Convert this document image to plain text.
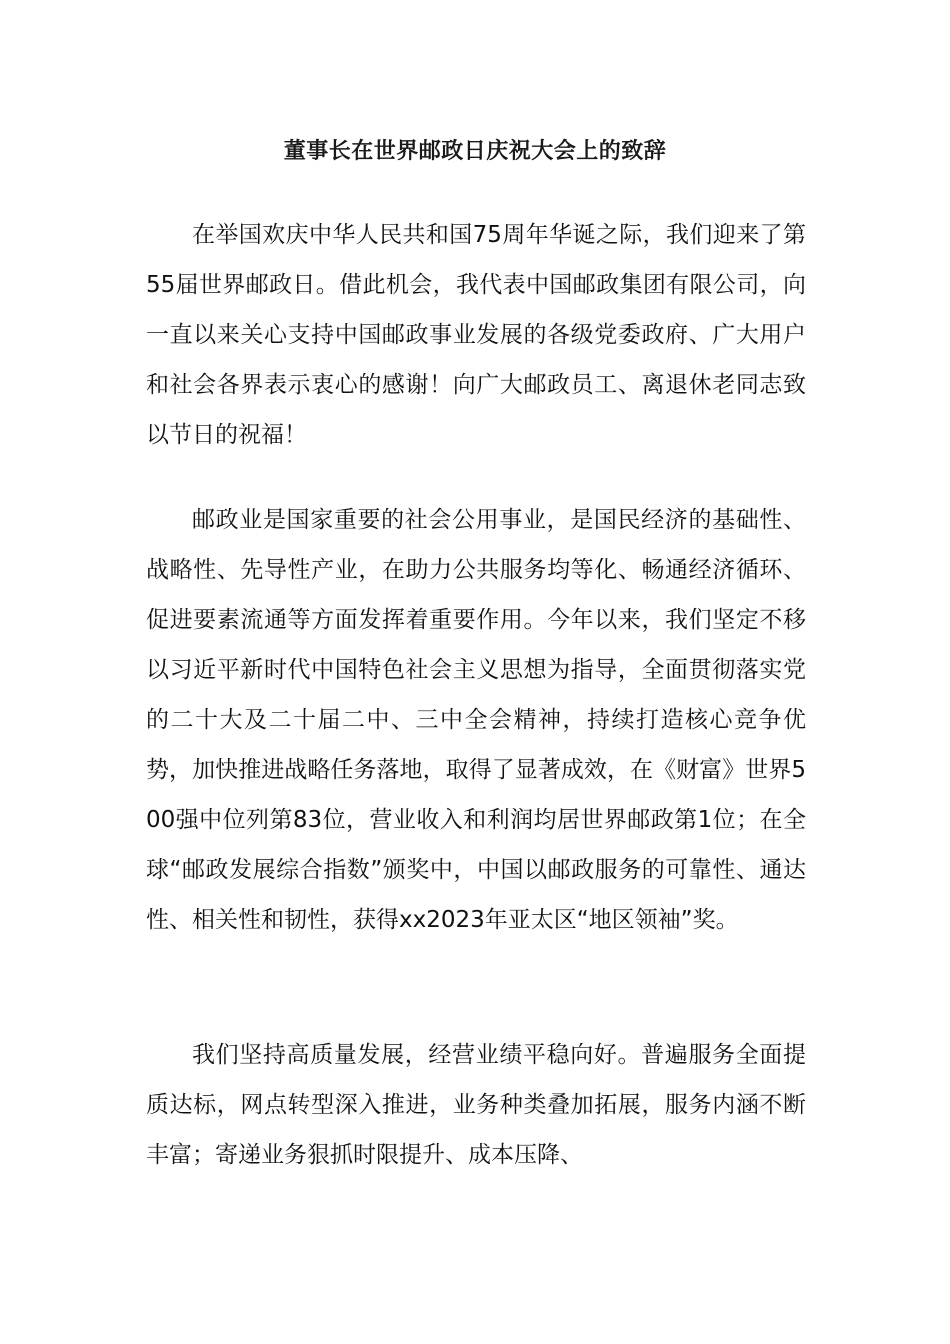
董事长在世界邮政日庆祝大会上的致辞

在举国欢庆中华人民共和国75周年华诞之际，我们迎来了第55届世界邮政日。借此机会，我代表中国邮政集团有限公司，向一直以来关心支持中国邮政事业发展的各级党委政府、广大用户和社会各界表示衷心的感谢！向广大邮政员工、离退休老同志致以节日的祝福！

邮政业是国家重要的社会公用事业，是国民经济的基础性、战略性、先导性产业，在助力公共服务均等化、畅通经济循环、促进要素流通等方面发挥着重要作用。今年以来，我们坚定不移以习近平新时代中国特色社会主义思想为指导，全面贯彻落实党的二十大及二十届二中、三中全会精神，持续打造核心竞争优势，加快推进战略任务落地，取得了显著成效，在《财富》世界500强中位列第83位，营业收入和利润均居世界邮政第1位；在全球“邮政发展综合指数”颁奖中，中国以邮政服务的可靠性、通达性、相关性和韧性，获得xx2023年亚太区“地区领袖”奖。

我们坚持高质量发展，经营业绩平稳向好。普遍服务全面提质达标，网点转型深入推进，业务种类叠加拓展，服务内涵不断丰富；寄递业务狠抓时限提升、成本压降、
